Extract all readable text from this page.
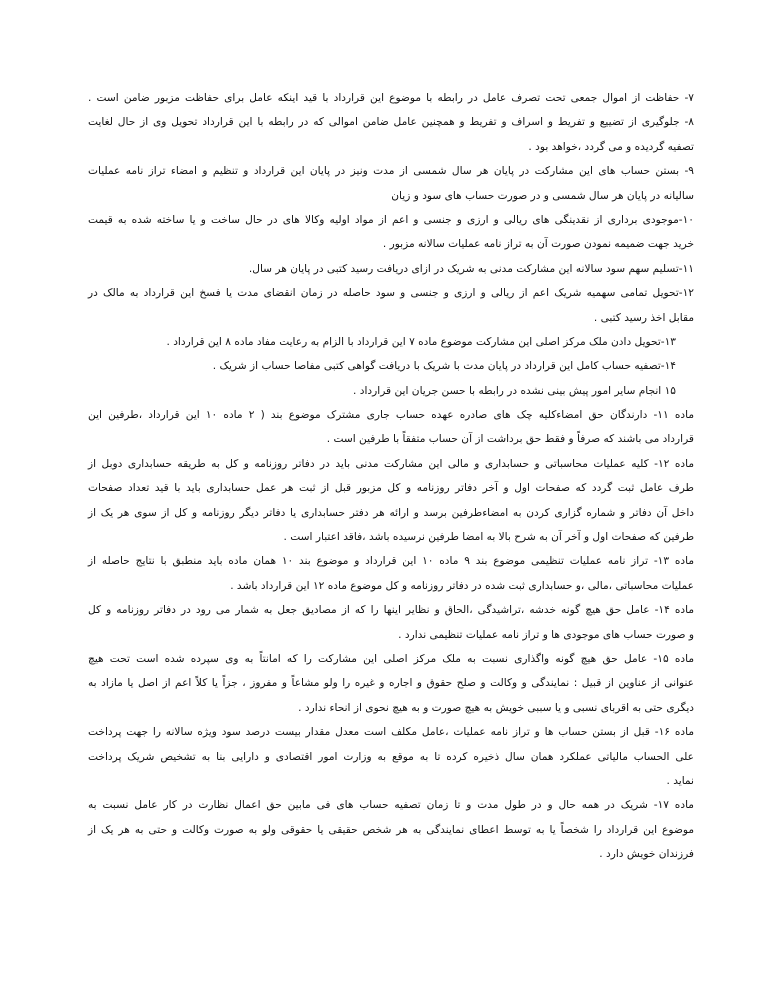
۷- حفاظت از اموال جمعی تحت تصرف عامل در رابطه با موضوع این قرارداد با قید اینکه عامل برای حفاظت مزبور ضامن است .
۸- جلوگیری از تضییع و تفریط و اسراف و تفریط و همچنین عامل ضامن اموالی که در رابطه با این قرارداد تحویل وی از حال لغایت
تصفیه گردیده و می گردد ،خواهد بود .
۹- بستن حساب های این مشارکت در پایان هر سال شمسی از مدت ونیز در پایان این قرارداد و تنظیم و امضاء تراز نامه عملیات
سالیانه در پایان هر سال شمسی و در صورت حساب های سود و زیان
۱۰-موجودی برداری از نقدینگی های ریالی و ارزی و جنسی و اعم از مواد اولیه وکالا های در حال ساخت و یا ساخته شده به قیمت
خرید جهت ضمیمه نمودن صورت آن به تراز نامه عملیات سالانه مزبور .
۱۱-تسلیم سهم سود سالانه این مشارکت مدنی به شریک در ازای دریافت رسید کتبی در پایان هر سال.
۱۲-تحویل تمامی سهمیه شریک اعم از ریالی و ارزی و جنسی و سود حاصله در زمان انقضای مدت یا فسخ این قرارداد به مالک در
مقابل اخذ رسید کتبی .
۱۳-تحویل دادن ملک مرکز اصلی این مشارکت موضوع ماده ۷ این قرارداد با الزام به رعایت مفاد ماده ۸ این قرارداد .
۱۴-تصفیه حساب کامل این قرارداد در پایان مدت با شریک با دریافت گواهی کتبی مفاصا حساب از شریک .
۱۵ انجام سایر امور پیش بینی نشده در رابطه با حسن جریان این قرارداد .
ماده ۱۱- دارندگان حق امضاءکلیه چک های صادره عهده حساب جاری مشترک موضوع بند ( ۲ ماده ۱۰ این قرارداد ،طرفین این
قرارداد می باشند که صرفاً و فقط حق برداشت از آن حساب متفقاً با طرفین است .
ماده ۱۲- کلیه عملیات محاسباتی و حسابداری و مالی این مشارکت مدنی باید در دفاتر روزنامه و کل به طریقه حسابداری دوبل از
طرف عامل ثبت گردد که صفحات اول و آخر دفاتر روزنامه و کل مزبور قبل از ثبت هر عمل حسابداری باید با قید تعداد صفحات
داخل آن دفاتر و شماره گزاری کردن به امضاءطرفین برسد و ارائه هر دفتر حسابداری یا دفاتر دیگر روزنامه و کل از سوی هر یک از
طرفین که صفحات اول و آخر آن به شرح بالا به امضا طرفین نرسیده باشد ،فاقد اعتبار است .
ماده ۱۳- تراز نامه عملیات تنظیمی موضوع بند ۹ ماده ۱۰ این قرارداد و موضوع بند ۱۰ همان ماده باید منطبق با نتایج حاصله از
عملیات محاسباتی ،مالی ،و حسابداری ثبت شده در دفاتر روزنامه و کل موضوع ماده ۱۲ این قرارداد باشد .
ماده ۱۴- عامل حق هیچ گونه خدشه ،تراشیدگی ،الحاق و نظایر اینها را که از مصادیق جعل به شمار می رود در دفاتر روزنامه و کل
و صورت حساب های موجودی ها و تراز نامه عملیات تنظیمی ندارد .
ماده ۱۵- عامل حق هیچ گونه واگذاری نسبت به ملک مرکز اصلی این مشارکت را که امانتاً به وی سپرده شده است تحت هیچ
عنوانی از عناوین از قبیل : نمایندگی و وکالت و صلح حقوق و اجاره و غیره را ولو مشاعاً و مفروز ، جزاً یا کلاً اعم از اصل یا مازاد به
دیگری حتی به اقربای نسبی و یا سببی خویش به هیچ صورت و به هیچ نحوی از انحاء ندارد .
ماده ۱۶- قبل از بستن حساب ها و تراز نامه عملیات ،عامل مکلف است معدل مقدار بیست درصد سود ویژه سالانه را جهت پرداخت
علی الحساب مالیاتی عملکرد همان سال ذخیره کرده تا به موقع به وزارت امور اقتصادی و دارایی بنا به تشخیص شریک پرداخت
نماید .
ماده ۱۷- شریک در همه حال و در طول مدت و تا زمان تصفیه حساب های فی مابین حق اعمال نظارت در کار عامل نسبت به
موضوع این قرارداد را شخصاً یا به توسط اعطای نمایندگی به هر شخص حقیقی یا حقوقی ولو به صورت وکالت و حتی به هر یک از
فرزندان خویش دارد .
